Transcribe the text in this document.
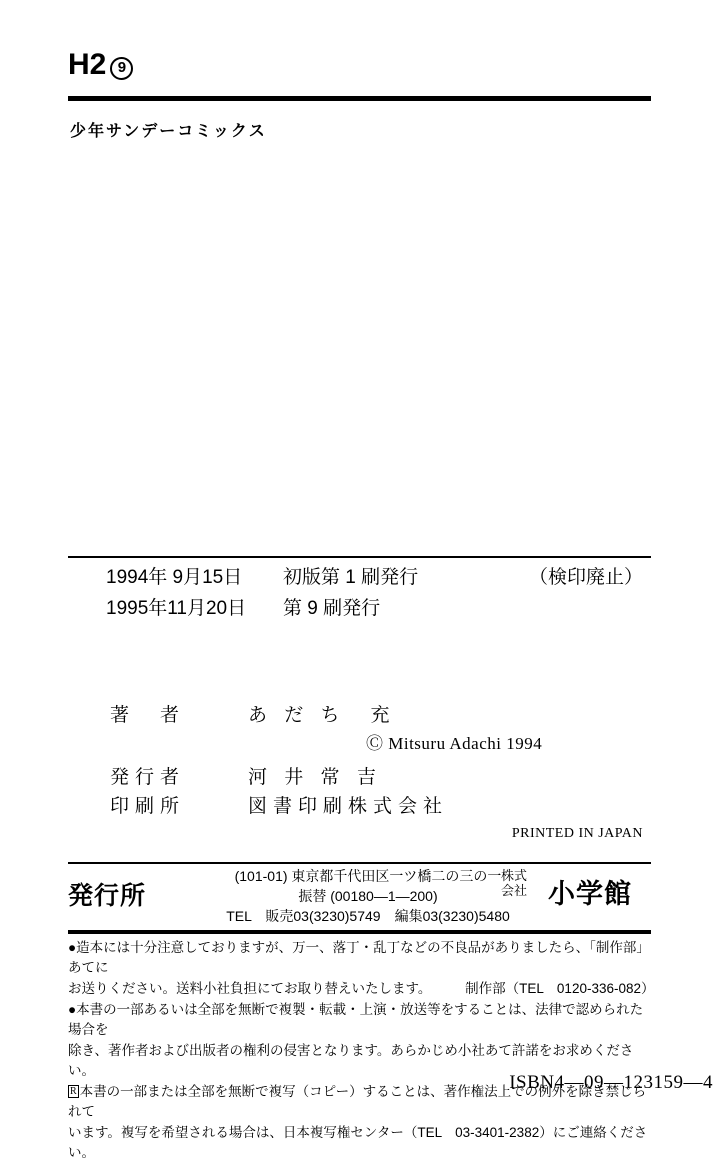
H2 9
少年サンデーコミックス
1994年 9月15日	初版第 1 刷発行	（検印廃止）
1995年11月20日	第 9 刷発行
著　者	あ だ ち　充
Ⓒ Mitsuru Adachi 1994
発行者	河 井 常 吉
印刷所	図書印刷株式会社
PRINTED IN JAPAN
発行所
(101-01) 東京都千代田区一ツ橋二の三の一
振替 (00180—1—200)
TEL　販売03(3230)5749　編集03(3230)5480
株式
会社 小学館
●造本には十分注意しておりますが、万一、落丁・乱丁などの不良品がありましたら、「制作部」あてに
お送りください。送料小社負担にてお取り替えいたします。　　　制作部（TEL　0120-336-082）
●本書の一部あるいは全部を無断で複製・転載・上演・放送等をすることは、法律で認められた場合を
除き、著作者および出版者の権利の侵害となります。あらかじめ小社あて許諾をお求めください。
R 本書の一部または全部を無断で複写（コピー）することは、著作権法上での例外を除き禁じられて
います。複写を希望される場合は、日本複写権センター（TEL　03-3401-2382）にご連絡ください。
ISBN4—09—123159—4
